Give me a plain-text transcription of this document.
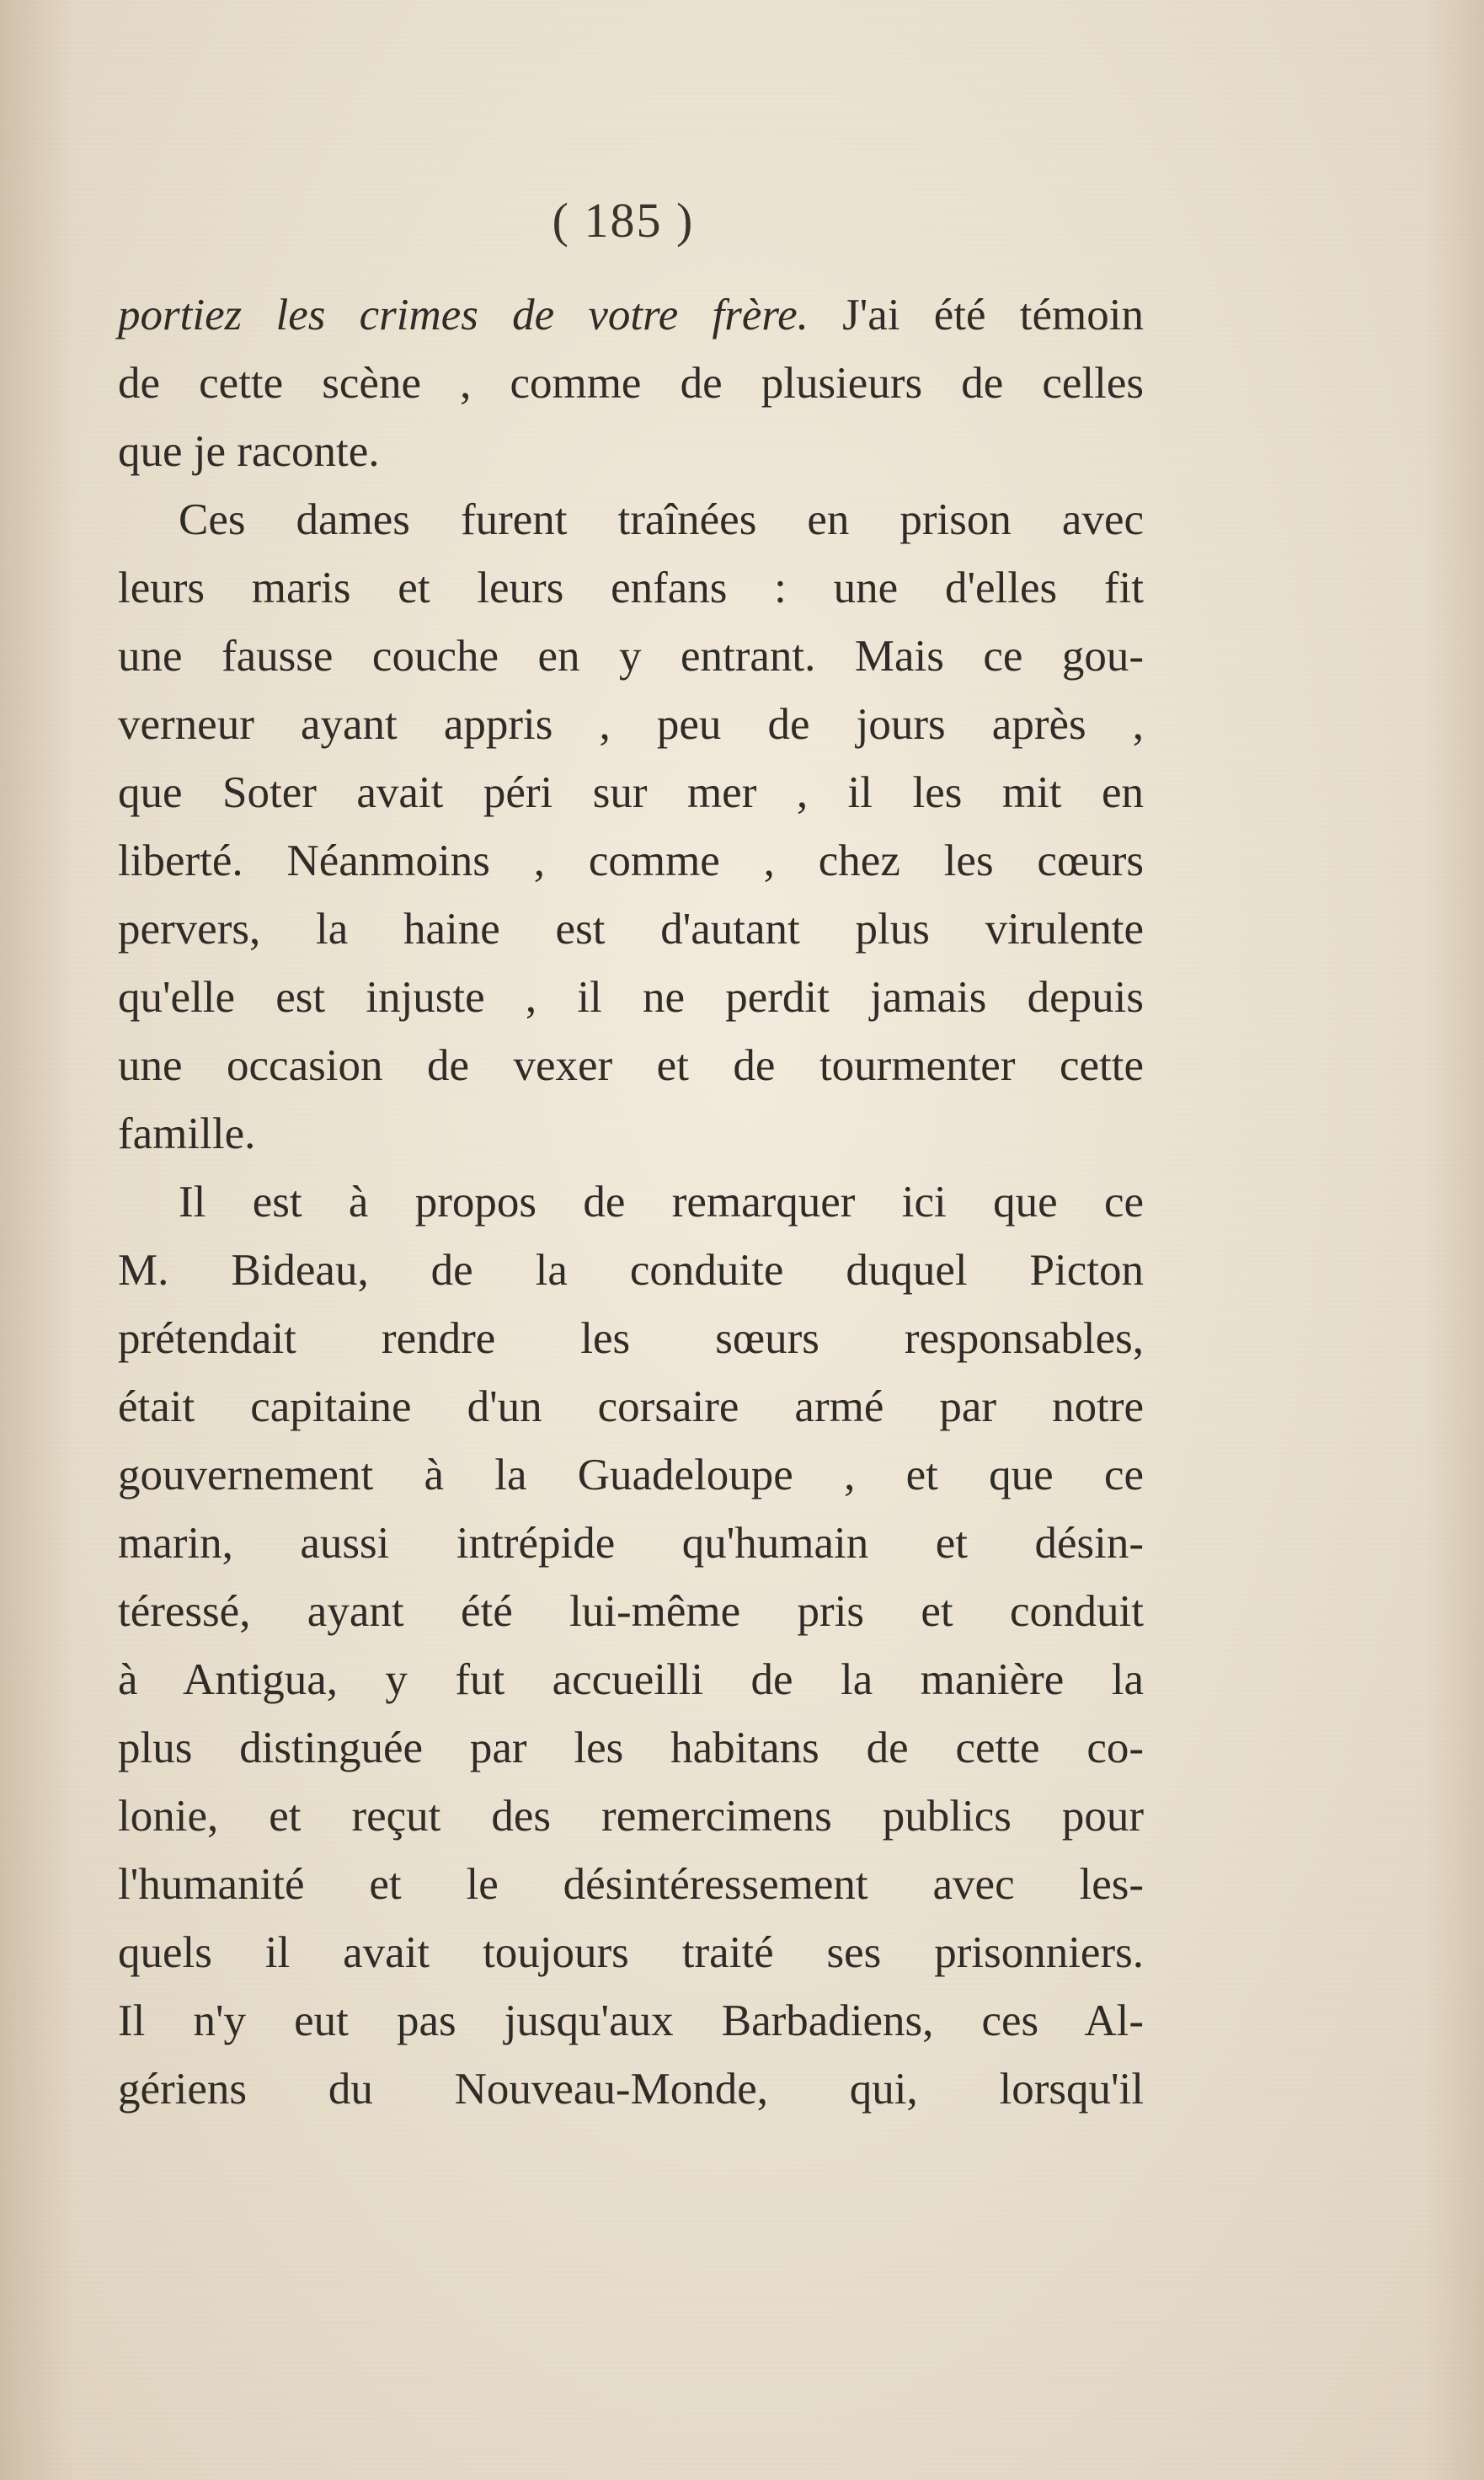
( 185 )
portiez les crimes de votre frère. J'ai été témoin
de cette scène , comme de plusieurs de celles
que je raconte.
Ces dames furent traînées en prison avec
leurs maris et leurs enfans : une d'elles fit
une fausse couche en y entrant. Mais ce gou-
verneur ayant appris , peu de jours après ,
que Soter avait péri sur mer , il les mit en
liberté. Néanmoins , comme , chez les cœurs
pervers, la haine est d'autant plus virulente
qu'elle est injuste , il ne perdit jamais depuis
une occasion de vexer et de tourmenter cette
famille.
Il est à propos de remarquer ici que ce
M. Bideau, de la conduite duquel Picton
prétendait rendre les sœurs responsables,
était capitaine d'un corsaire armé par notre
gouvernement à la Guadeloupe , et que ce
marin, aussi intrépide qu'humain et désin-
téressé, ayant été lui-même pris et conduit
à Antigua, y fut accueilli de la manière la
plus distinguée par les habitans de cette co-
lonie, et reçut des remercimens publics pour
l'humanité et le désintéressement avec les-
quels il avait toujours traité ses prisonniers.
Il n'y eut pas jusqu'aux Barbadiens, ces Al-
gériens du Nouveau-Monde, qui, lorsqu'il
